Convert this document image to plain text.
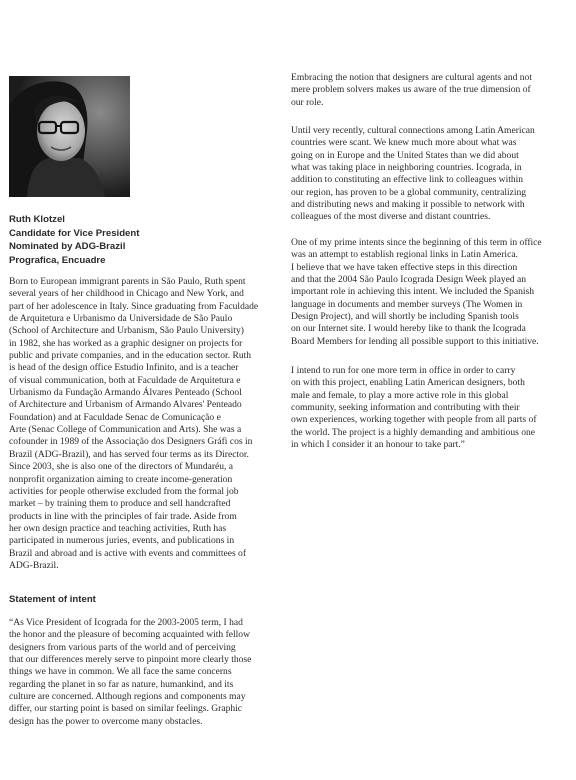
Ruth Klotzel
Candidate for Vice President
Nominated by ADG-Brazil
Prografica, Encuadre
Born to European immigrant parents in São Paulo, Ruth spent
several years of her childhood in Chicago and New York, and
part of her adolescence in Italy. Since graduating from Faculdade
de Arquitetura e Urbanismo da Universidade de São Paulo
(School of Architecture and Urbanism, São Paulo University)
in 1982, she has worked as a graphic designer on projects for
public and private companies, and in the education sector. Ruth
is head of the design office Estudio Infinito, and is a teacher
of visual communication, both at Faculdade de Arquitetura e
Urbanismo da Fundação Armando Álvares Penteado (School
of Architecture and Urbanism of Armando Alvares' Penteado
Foundation) and at Faculdade Senac de Comunicação e
Arte (Senac College of Communication and Arts). She was a
cofounder in 1989 of the Associação dos Designers Gráfi cos in
Brazil (ADG-Brazil), and has served four terms as its Director.
Since 2003, she is also one of the directors of Mundaréu, a
nonprofit organization aiming to create income-generation
activities for people otherwise excluded from the formal job
market – by training them to produce and sell handcrafted
products in line with the principles of fair trade. Aside from
her own design practice and teaching activities, Ruth has
participated in numerous juries, events, and publications in
Brazil and abroad and is active with events and committees of
ADG-Brazil.
Statement of intent
“As Vice President of Icograda for the 2003-2005 term, I had
the honor and the pleasure of becoming acquainted with fellow
designers from various parts of the world and of perceiving
that our differences merely serve to pinpoint more clearly those
things we have in common. We all face the same concerns
regarding the planet in so far as nature, humankind, and its
culture are concerned. Although regions and components may
differ, our starting point is based on similar feelings. Graphic
design has the power to overcome many obstacles.
Embracing the notion that designers are cultural agents and not
mere problem solvers makes us aware of the true dimension of
our role.
Until very recently, cultural connections among Latin American
countries were scant. We knew much more about what was
going on in Europe and the United States than we did about
what was taking place in neighboring countries. Icograda, in
addition to constituting an effective link to colleagues within
our region, has proven to be a global community, centralizing
and distributing news and making it possible to network with
colleagues of the most diverse and distant countries.
One of my prime intents since the beginning of this term in office
was an attempt to establish regional links in Latin America.
I believe that we have taken effective steps in this direction
and that the 2004 São Paulo Icograda Design Week played an
important role in achieving this intent. We included the Spanish
language in documents and member surveys (The Women in
Design Project), and will shortly be including Spanish tools
on our Internet site. I would hereby like to thank the Icograda
Board Members for lending all possible support to this initiative.
I intend to run for one more term in office in order to carry
on with this project, enabling Latin American designers, both
male and female, to play a more active role in this global
community, seeking information and contributing with their
own experiences, working together with people from all parts of
the world. The project is a highly demanding and ambitious one
in which I consider it an honour to take part.”
